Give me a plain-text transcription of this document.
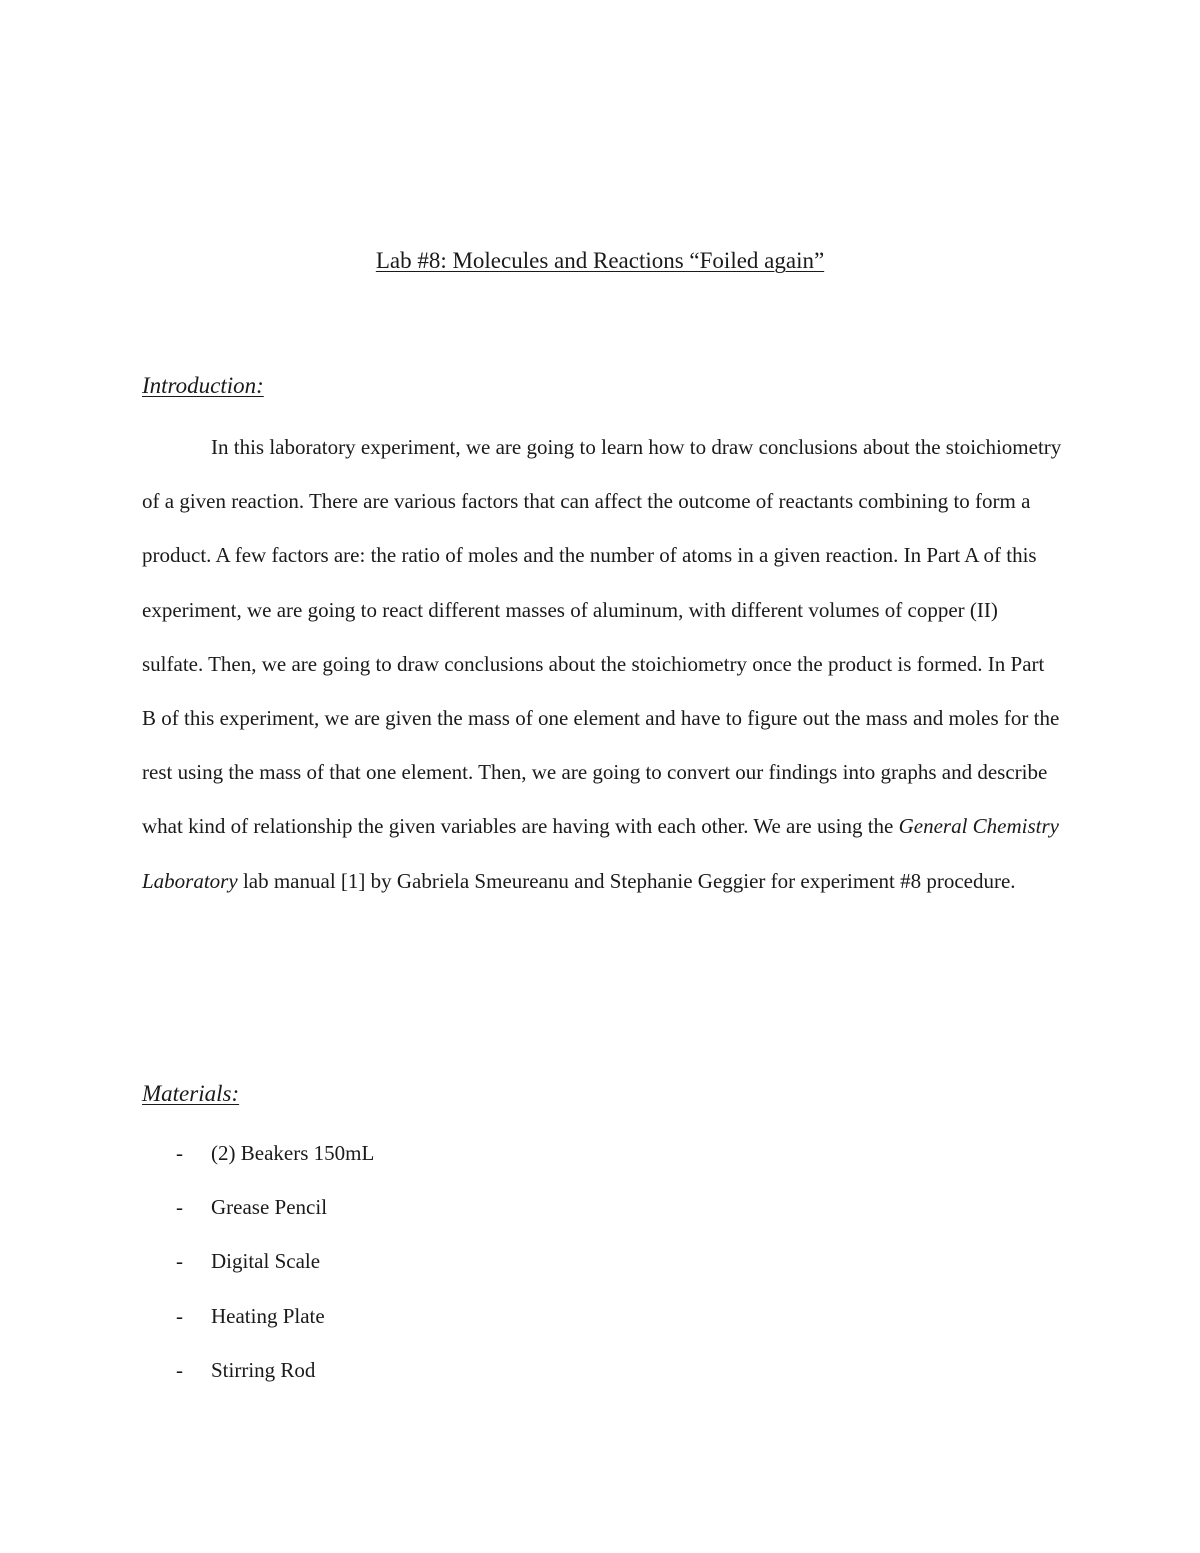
Lab #8: Molecules and Reactions “Foiled again”
Introduction:

In this laboratory experiment, we are going to learn how to draw conclusions about the stoichiometry of a given reaction. There are various factors that can affect the outcome of reactants combining to form a product. A few factors are: the ratio of moles and the number of atoms in a given reaction. In Part A of this experiment, we are going to react different masses of aluminum, with different volumes of copper (II) sulfate. Then, we are going to draw conclusions about the stoichiometry once the product is formed. In Part B of this experiment, we are given the mass of one element and have to figure out the mass and moles for the rest using the mass of that one element. Then, we are going to convert our findings into graphs and describe what kind of relationship the given variables are having with each other. We are using the General Chemistry Laboratory lab manual [1] by Gabriela Smeureanu and Stephanie Geggier for experiment #8 procedure.

Materials:
- (2) Beakers 150mL
- Grease Pencil
- Digital Scale
- Heating Plate
- Stirring Rod
